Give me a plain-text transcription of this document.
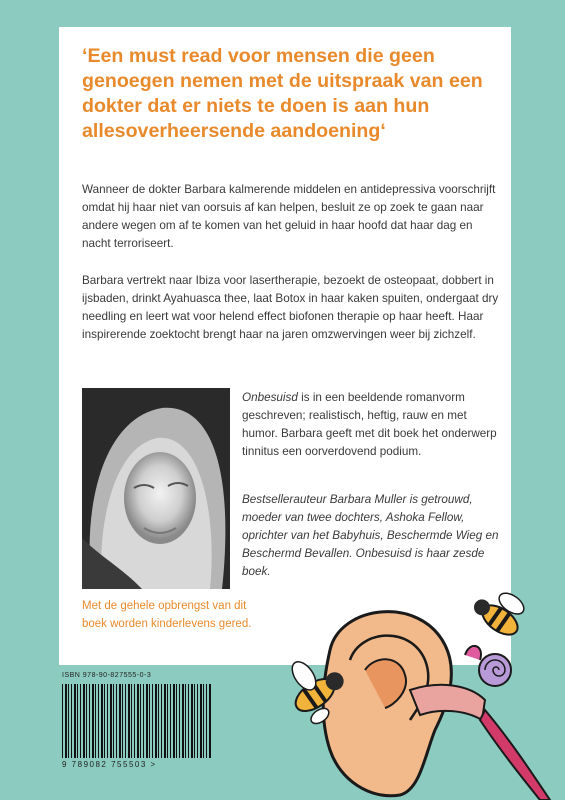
‘Een must read voor mensen die geen genoegen nemen met de uitspraak van een dokter dat er niets te doen is aan hun allesoverheersende aandoening‘

Wanneer de dokter Barbara kalmerende middelen en antidepressiva voorschrijft omdat hij haar niet van oorsuis af kan helpen, besluit ze op zoek te gaan naar andere wegen om af te komen van het geluid in haar hoofd dat haar dag en nacht terroriseert.

Barbara vertrekt naar Ibiza voor lasertherapie, bezoekt de osteopaat, dobbert in ijsbaden, drinkt Ayahuasca thee, laat Botox in haar kaken spuiten, ondergaat dry needling en leert wat voor helend effect biofonen therapie op haar heeft. Haar inspirerende zoektocht brengt haar na jaren omzwervingen weer bij zichzelf.

Onbesuisd is in een beeldende romanvorm geschreven; realistisch, heftig, rauw en met humor. Barbara geeft met dit boek het onderwerp tinnitus een oorverdovend podium.

Bestsellerauteur Barbara Muller is getrouwd, moeder van twee dochters, Ashoka Fellow, oprichter van het Babyhuis, Beschermde Wieg en Beschermd Bevallen. Onbesuisd is haar zesde boek.

Met de gehele opbrengst van dit boek worden kinderlevens gered.

ISBN 978-90-827555-0-3
9 789082 755503 >
